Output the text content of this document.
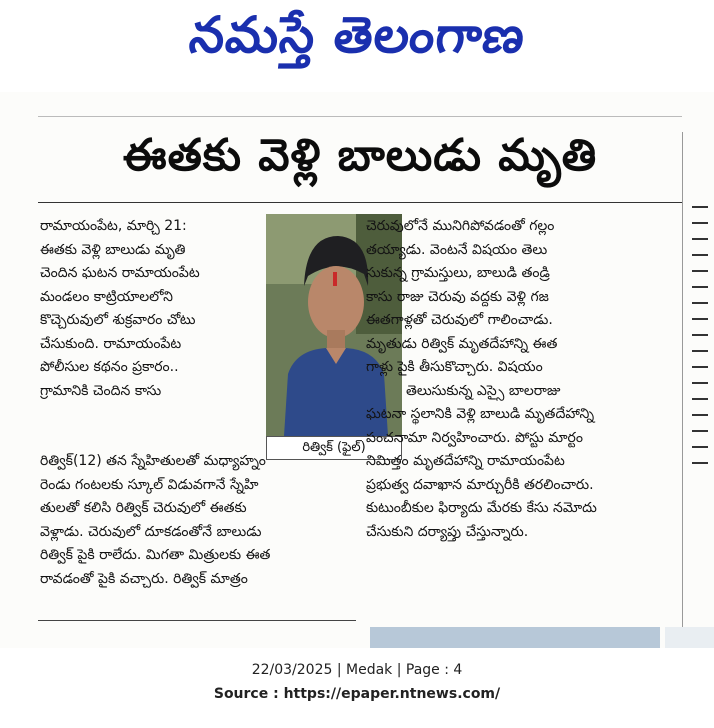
నమస్తే తెలంగాణ
ఈతకు వెళ్లి బాలుడు మృతి

రామాయంపేట, మార్చి 21:

ఈతకు వెళ్లి బాలుడు మృతి

చెందిన ఘటన రామాయంపేట

మండలం కాట్రియాలలోని

కొచ్చెరువులో శుక్రవారం చోటు

చేసుకుంది. రామాయంపేట

పోలీసుల కథనం ప్రకారం..

గ్రామానికి చెందిన కాసు

రిత్విక్ (ఫైల్)

రిత్విక్(12) తన స్నేహితులతో మధ్యాహ్నం

రెండు గంటలకు స్కూల్ విడువగానే స్నేహి

తులతో కలిసి రిత్విక్ చెరువులో ఈతకు

వెళ్లాడు. చెరువులో దూకడంతోనే బాలుడు

రిత్విక్ పైకి రాలేదు. మిగతా మిత్రులకు ఈత

రావడంతో పైకి వచ్చారు. రిత్విక్ మాత్రం

చెరువులోనే మునిగిపోవడంతో గల్లం

తయ్యాడు. వెంటనే విషయం తెలు

సుకున్న గ్రామస్తులు, బాలుడి తండ్రి

కాసు రాజు చెరువు వద్దకు వెళ్లి గజ

ఈతగాళ్లతో చెరువులో గాలించాడు.

మృతుడు రిత్విక్ మృతదేహాన్ని ఈత

గాళ్లు పైకి తీసుకొచ్చారు. విషయం

తెలుసుకున్న ఎస్సై బాలరాజు

ఘటనా స్థలానికి వెళ్లి బాలుడి మృతదేహాన్ని

పంచనామా నిర్వహించారు. పోస్టు మార్టం

నిమిత్తం మృతదేహాన్ని రామాయంపేట

ప్రభుత్వ దవాఖాన మార్చురీకి తరలించారు.

కుటుంబీకుల ఫిర్యాదు మేరకు కేసు నమోదు

చేసుకుని దర్యాప్తు చేస్తున్నారు.

22/03/2025 | Medak | Page : 4
Source : https://epaper.ntnews.com/
